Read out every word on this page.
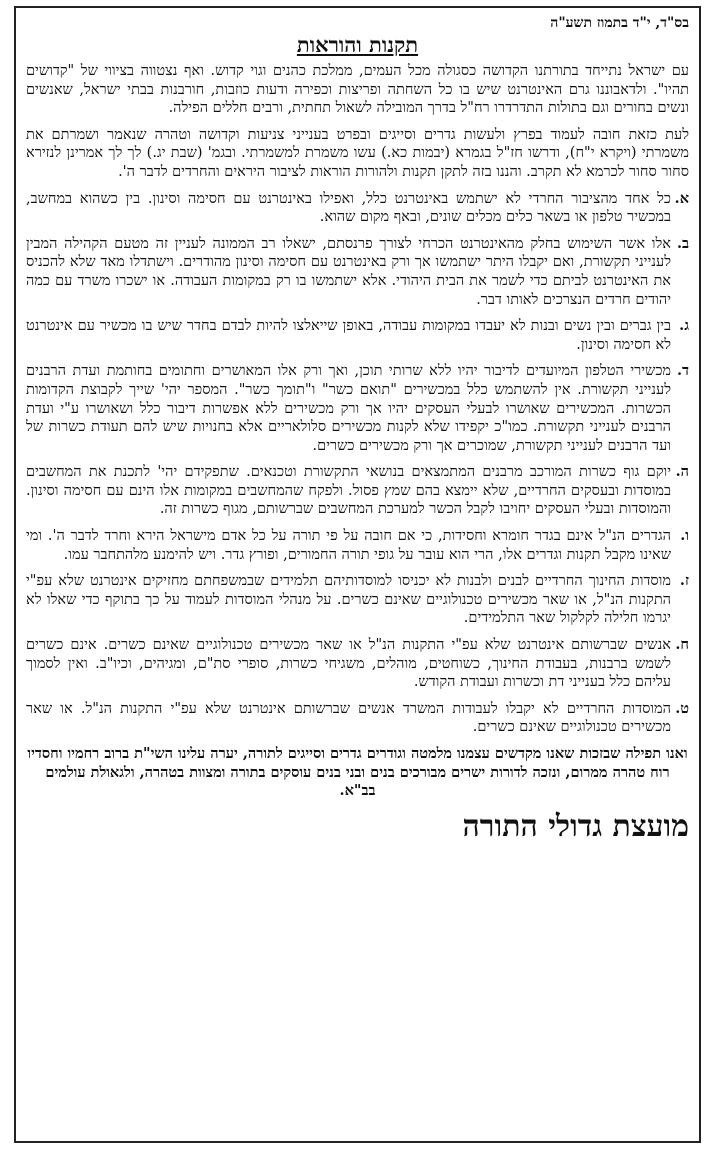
בס"ד, י"ד בתמוז תשע"ה
תקנות והוראות

עם ישראל נתייחד בתורתנו הקדושה כסגולה מכל העמים, ממלכת כהנים וגוי קדוש. ואף נצטווה בציווי של "קדושים תהיו". ולדאבוננו גרם האינטרנט שיש בו כל השחתה ופריצות וכפירה ודעות כוזבות, חורבנות בבתי ישראל, שאנשים ונשים בחורים וגם בתולות התדרדרו רח"ל בדרך המובילה לשאול תחתית, ורבים חללים הפילה.

לעת כזאת חובה לעמוד בפרץ ולעשות גדרים וסייגים ובפרט בענייני צניעות וקדושה וטהרה שנאמר ושמרתם את משמרתי (ויקרא י"ח), ודרשו חז"ל בגמרא (יבמות כא.) עשו משמרת למשמרתי. ובגמ' (שבת יג.) לך לך אמרינן לנזירא סחור סחור לכרמא לא תקרב. והננו בזה לתקן תקנות ולהורות הוראות לציבור היראים והחרדים לדבר ה'.

א.
כל אחד מהציבור החרדי לא ישתמש באינטרנט כלל, ואפילו באינטרנט עם חסימה וסינון. בין כשהוא במחשב, במכשיר טלפון או בשאר כלים מכלים שונים, ובאף מקום שהוא.
ב.
אלו אשר השימוש בחלק מהאינטרנט הכרחי לצורך פרנסתם, ישאלו רב הממונה לעניין זה מטעם הקהילה המבין לענייני תקשורת, ואם יקבלו היתר ישתמשו אך ורק באינטרנט עם חסימה וסינון מהודרים. וישתדלו מאד שלא להכניס את האינטרנט לביתם כדי לשמר את הבית היהודי. אלא ישתמשו בו רק במקומות העבודה. או ישכרו משרד עם כמה יהודים חרדים הנצרכים לאותו דבר.
ג.
בין גברים ובין נשים ובנות לא יעבדו במקומות עבודה, באופן שייאלצו להיות לבדם בחדר שיש בו מכשיר עם אינטרנט לא חסימה וסינון.
ד.
מכשירי הטלפון המיועדים לדיבור יהיו ללא שרותי תוכן, ואך ורק אלו המאושרים וחתומים בחותמת ועדת הרבנים לענייני תקשורת. אין להשתמש כלל במכשירים "תואם כשר" ו"תומך כשר". המספר יהי' שייך לקבוצת הקדומות הכשרות. המכשירים שאושרו לבעלי העסקים יהיו אך ורק מכשירים ללא אפשרות דיבור כלל ושאושרו ע"י ועדת הרבנים לענייני תקשורת. כמו"כ יקפידו שלא לקנות מכשירים סלולאריים אלא בחנויות שיש להם תעודת כשרות של ועד הרבנים לענייני תקשורת, שמוכרים אך ורק מכשירים כשרים.
ה.
יוקם גוף כשרות המורכב מרבנים המתמצאים בנושאי התקשורת וטכנאים. שתפקידם יהי' לתכנת את המחשבים במוסדות ובעסקים החרדיים, שלא יימצא בהם שמץ פסול. ולפקח שהמחשבים במקומות אלו הינם עם חסימה וסינון. והמוסדות ובעלי העסקים יחויבו לקבל הכשר למערכת המחשבים שברשותם, מגוף כשרות זה.
ו.
הגדרים הנ"ל אינם בגדר חומרא וחסידות, כי אם חובה על פי תורה על כל אדם מישראל הירא וחרד לדבר ה'. ומי שאינו מקבל תקנות וגדרים אלו, הרי הוא עובר על גופי תורה החמורים, ופורץ גדר. ויש להימנע מלהתחבר עמו.
ז.
מוסדות החינוך החרדיים לבנים ולבנות לא יכניסו למוסדותיהם תלמידים שבמשפחתם מחזיקים אינטרנט שלא עפ"י התקנות הנ"ל, או שאר מכשירים טכנולוגיים שאינם כשרים. על מנהלי המוסדות לעמוד על כך בתוקף כדי שאלו לא יגרמו חלילה לקלקול שאר התלמידים.
ח.
אנשים שברשותם אינטרנט שלא עפ"י התקנות הנ"ל או שאר מכשירים טכנולוגיים שאינם כשרים. אינם כשרים לשמש ברבנות, בעבודת החינוך, כשוחטים, מוהלים, משגיחי כשרות, סופרי סת"ם, ומגיהים, וכיו"ב. ואין לסמוך עליהם כלל בענייני דת וכשרות ועבודת הקודש.
ט.
המוסדות החרדיים לא יקבלו לעבודות המשרד אנשים שברשותם אינטרנט שלא עפ"י התקנות הנ"ל. או שאר מכשירים טכנולוגיים שאינם כשרים.
ואנו תפילה שבזכות שאנו מקדשים עצמנו מלמטה וגודרים גדרים וסייגים לתורה, יערה עלינו השי"ת ברוב רחמיו וחסדיו רוח טהרה ממרום, ונזכה לדורות ישרים מבורכים בנים ובני בנים עוסקים בתורה ומצוות בטהרה, ולגאולת עולמים בב"א.
מועצת גדולי התורה
